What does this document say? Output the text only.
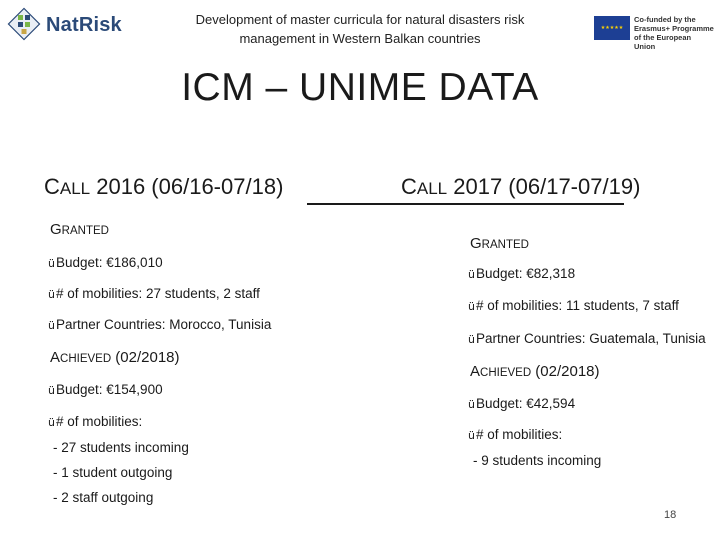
NatRisk	Development of master curricula for natural disasters risk management in Western Balkan countries
★★★★★
Co-funded by the Erasmus+ Programme of the European Union
ICM – UNIME DATA
CALL 2016 (06/16-07/18)	CALL 2017 (06/17-07/19)
GRANTED
üBudget: €186,010
ü# of mobilities: 27 students, 2 staff
üPartner Countries: Morocco, Tunisia
ACHIEVED (02/2018)
üBudget: €154,900
ü# of mobilities:
- 27 students incoming
- 1 student outgoing
- 2 staff outgoing
GRANTED
üBudget: €82,318
ü# of mobilities: 11 students, 7 staff
üPartner Countries: Guatemala, Tunisia
ACHIEVED (02/2018)
üBudget: €42,594
ü# of mobilities:
- 9 students incoming
18
